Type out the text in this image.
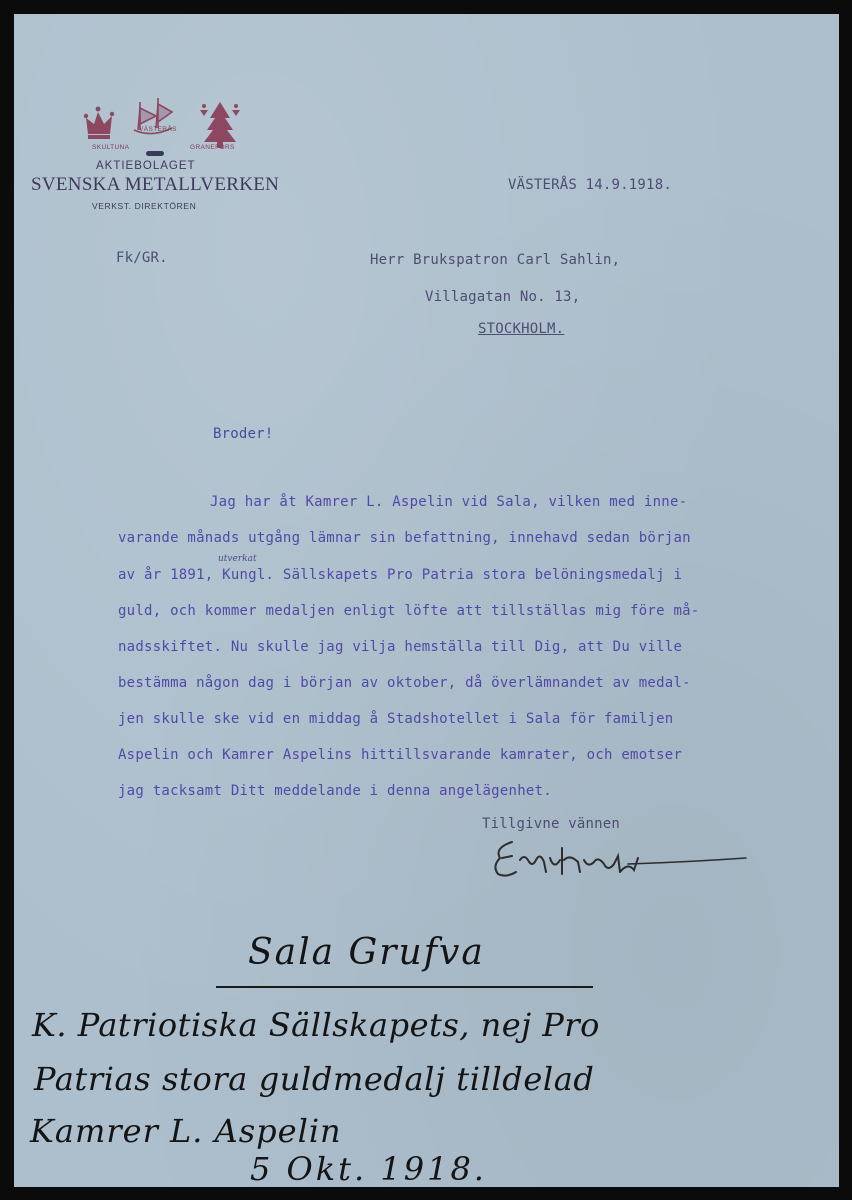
VÄSTERÅS
SKULTUNA	GRANEFORS
AKTIEBOLAGET
SVENSKA METALLVERKEN
VERKST. DIREKTÖREN
VÄSTERÅS 14.9.1918.
Fk/GR.	Herr Brukspatron Carl Sahlin,
Villagatan No. 13,
STOCKHOLM.
Broder!
Jag har åt Kamrer L. Aspelin vid Sala, vilken med inne-
varande månads utgång lämnar sin befattning, innehavd sedan början
utverkat
av år 1891, Kungl. Sällskapets Pro Patria stora belöningsmedalj i
guld, och kommer medaljen enligt löfte att tillställas mig före må-
nadsskiftet. Nu skulle jag vilja hemställa till Dig, att Du ville
bestämma någon dag i början av oktober, då överlämnandet av medal-
jen skulle ske vid en middag å Stadshotellet i Sala för familjen
Aspelin och Kamrer Aspelins hittillsvarande kamrater, och emotser
jag tacksamt Ditt meddelande i denna angelägenhet.
Tillgivne vännen
Sala Grufva
K. Patriotiska Sällskapets, nej Pro
Patrias stora guldmedalj tilldelad
Kamrer L. Aspelin
5 Okt. 1918.
